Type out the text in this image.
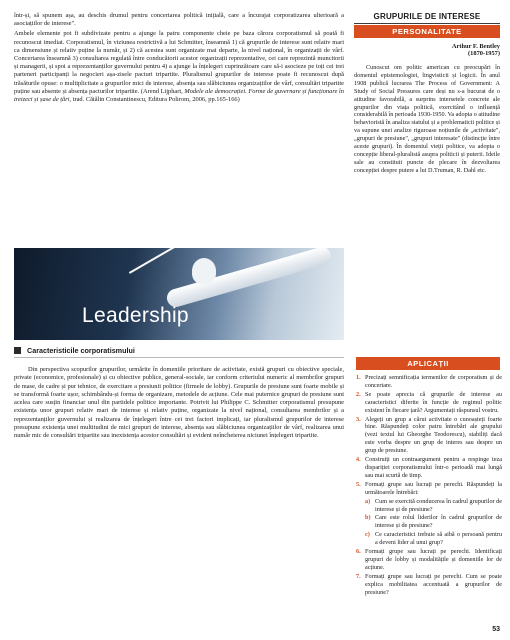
într-și, să spunem așa, au deschis drumul pentru concertarea politică inițială, care a încurajat corporatizarea ulterioară a asociațiilor de interese".

Ambele elemente pot fi subdivizate pentru a ajunge la patru componente cheie pe baza cărora corporatismul să poată fi recunoscut imediat. Corporatismul, în viziunea restrictivă a lui Schmitter, înseamnă 1) că grupurile de interese sunt relativ mari ca dimensiune și relativ puține la număr, și 2) că acestea sunt organizate mai departe, la nivel național, în organizații de vârf. Concertarea înseamnă 3) consultarea regulată între conducătorii acestor organizații reprezentative, cei care reprezintă muncitorii și managerii, și spoi a reprezentanților guvernului pentru 4) a ajunge la înțelegeri cuprinzătoare care să-i asocieze pe toți cei trei parteneri participanți la negocieri așa-zisele pacturi tripartite. Pluralismul grupurilor de interese poate fi recunoscut după trăsăturile opuse: o multiplicitate a grupurilor mici de interese, absența sau slăbiciunea organizațiilor de vârf, consultări tripartite puține sau absente și absența pacturilor tripartite. (Arend Lijphart, Modele ale democrației. Forme de guvernare și funcționare în treizeci și șase de țări, trad. Cătălin Constantinescu, Editura Polirom, 2006, pp.165-166)

Leadership
Caracteristicile corporatismului

Din perspectiva scopurilor grupurilor, urmărite în domeniile prioritare de activitate, există grupuri cu obiective speciale, private (economice, profesionale) și cu obiective publice, general-sociale, iar conform criteriului numeric al membrilor grupuri de mase, de cadre și pur tehnice, de exercitare a presiunii politice (firmele de lobby). Grupurile de presiune sunt foarte mobile și se transformă foarte ușor, schimbându-și forma de organizare, metodele de acțiune. Cele mai puternice grupuri de presiune sunt acelea care susțin financiar unul din partidele politice importante. Potrivit lui Philippe C. Schmitter corporatismul presupune existența unor grupuri relativ mari de interese și relativ puține, organizate la nivel național, consultarea membrilor și a reprezentanților guvernului și realizarea de înțelegeri între cei trei factori implicați, iar pluralismul grupurilor de interese presupune existența unei multitudini de mici grupuri de interese, absența sau slăbiciunea organizațiilor de vârf, realizarea unui număr mic de consultări tripartite sau inexistența acestor consultări și evident neîncheierea niciunei înțelegeri tripartite.

GRUPURILE DE INTERESE
PERSONALITATE
Arthur F. Bentley
(1870-1957)

Cunoscut om politic american cu preocupări în domeniul epistemologiei, lingvisticii și logicii. În anul 1908 publică lucrarea The Process of Government: A Study of Social Pressures care deși nu s-a bucurat de o atitudine favorabilă, a surprins intersetele concrete ale grupurilor din viața politică, exercitând o influență considerabilă în perioada 1930-1950. Va adopta o atitudine behavioristă în analiza statului și a problematicii politice și va supune unei analize riguroase noțiunile de „activitate", „grupuri de presiune", „grupuri interesate" (distincție între aceste grupuri). În domeniul vieții politice, va adopta o concepție liberal-pluralistă asupra politicii și puterii. Ideile sale au constituit puncte de plecare în dezvoltarea concepției despre putere a lui D.Truman, R. Dahl etc.

APLICAȚII
1. Precizați semnificația termenilor de corporatism și de concertare.
2. Se poate aprecia că grupurile de interese au caracteristici diferite în funcție de regimul politic existent în fiecare țară? Argumentați răspunsul vostru.
3. Alegeți un grup a cărui activitate o cunoașteți foarte bine. Răspundeți color patru întrebări ale grupului (vezi textul lui Gheorghe Teodorescu), stabiliți dacă este vorba despre un grup de interes sau despre un grup de presiune.
4. Construiți un contraargument pentru a respinge teza dispariției corporatismului într-o perioadă mai lungă sau mai scurtă de timp.
5. Formați grupe sau lucrați pe perechi. Răspundeți la următoarele întrebări:
a) Cum se exercită conducerea în cadrul grupurilor de interese și de presiune?
b) Care este rolul liderilor în cadrul grupurilor de interese și de presiune?
c) Ce caracteristici trebuie să aibă o persoană pentru a deveni lider al unui grup?
6. Formați grupe sau lucrați pe perechi. Identificați grupuri de lobby și modalitățile și domeniile lor de acțiune.
7. Formați grupe sau lucrați pe perechi. Cum se poate explica mobilitatea accentuată a grupurilor de presiune?
53
